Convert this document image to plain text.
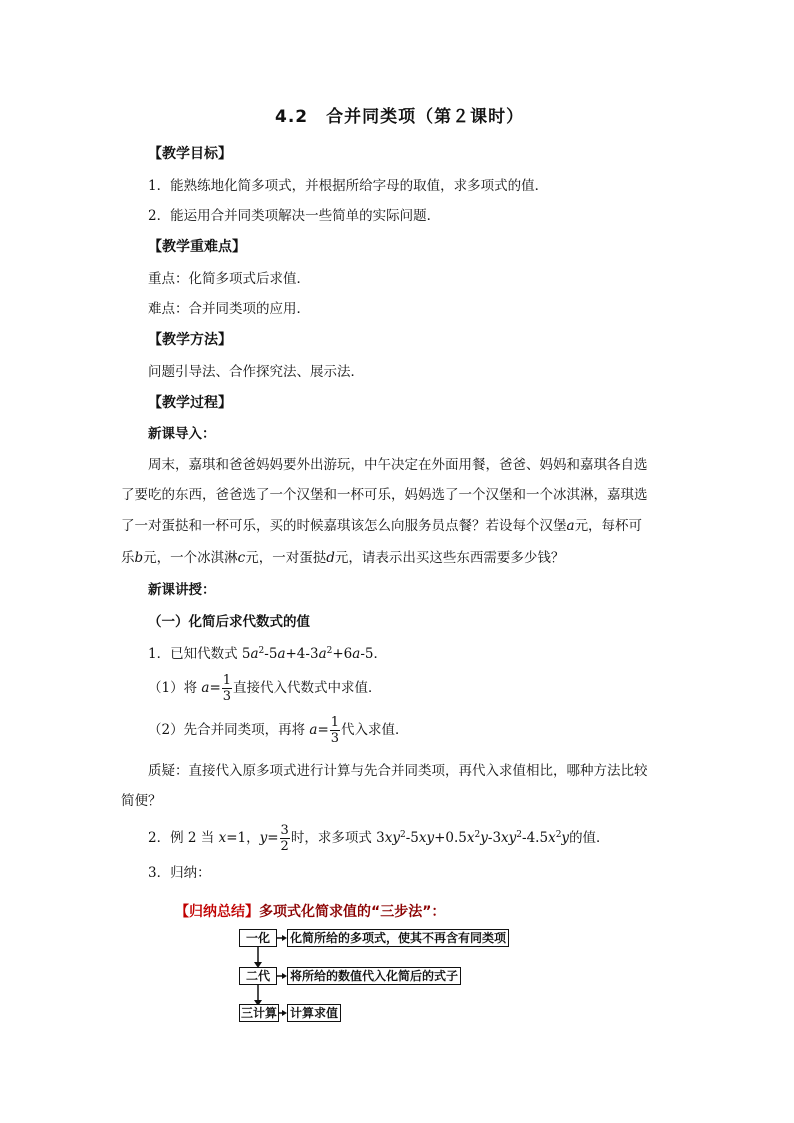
4.2　合并同类项（第２课时）
【教学目标】
1．能熟练地化简多项式，并根据所给字母的取值，求多项式的值．
2．能运用合并同类项解决一些简单的实际问题．
【教学重难点】
重点：化简多项式后求值．
难点：合并同类项的应用．
【教学方法】
问题引导法、合作探究法、展示法．
【教学过程】
新课导入：
周末，嘉琪和爸爸妈妈要外出游玩，中午决定在外面用餐，爸爸、妈妈和嘉琪各自选
了要吃的东西，爸爸选了一个汉堡和一杯可乐，妈妈选了一个汉堡和一个冰淇淋，嘉琪选
了一对蛋挞和一杯可乐，买的时候嘉琪该怎么向服务员点餐？若设每个汉堡a元，每杯可
乐b元，一个冰淇淋c元，一对蛋挞d元，请表示出买这些东西需要多少钱？
新课讲授：
（一）化简后求代数式的值
1．已知代数式 $5a^2-5a+4-3a^2+6a-5$．
（1）将 $a= \frac{1}{3}$ 直接代入代数式中求值．
（2）先合并同类项，再将 $a= \frac{1}{3}$ 代入求值．
质疑：直接代入原多项式进行计算与先合并同类项，再代入求值相比，哪种方法比较
简便？
2．例 2 当 x=1，$y= \frac{3}{2}$ 时，求多项式 $3xy^2-5xy+0.5x^2y-3xy^2-4.5x^2y$的值．
3．归纳：
【归纳总结】多项式化简求值的“三步法”：
一化	化简所给的多项式，使其不再含有同类项
二代	将所给的数值代入化简后的式子
三计算 计算求值
